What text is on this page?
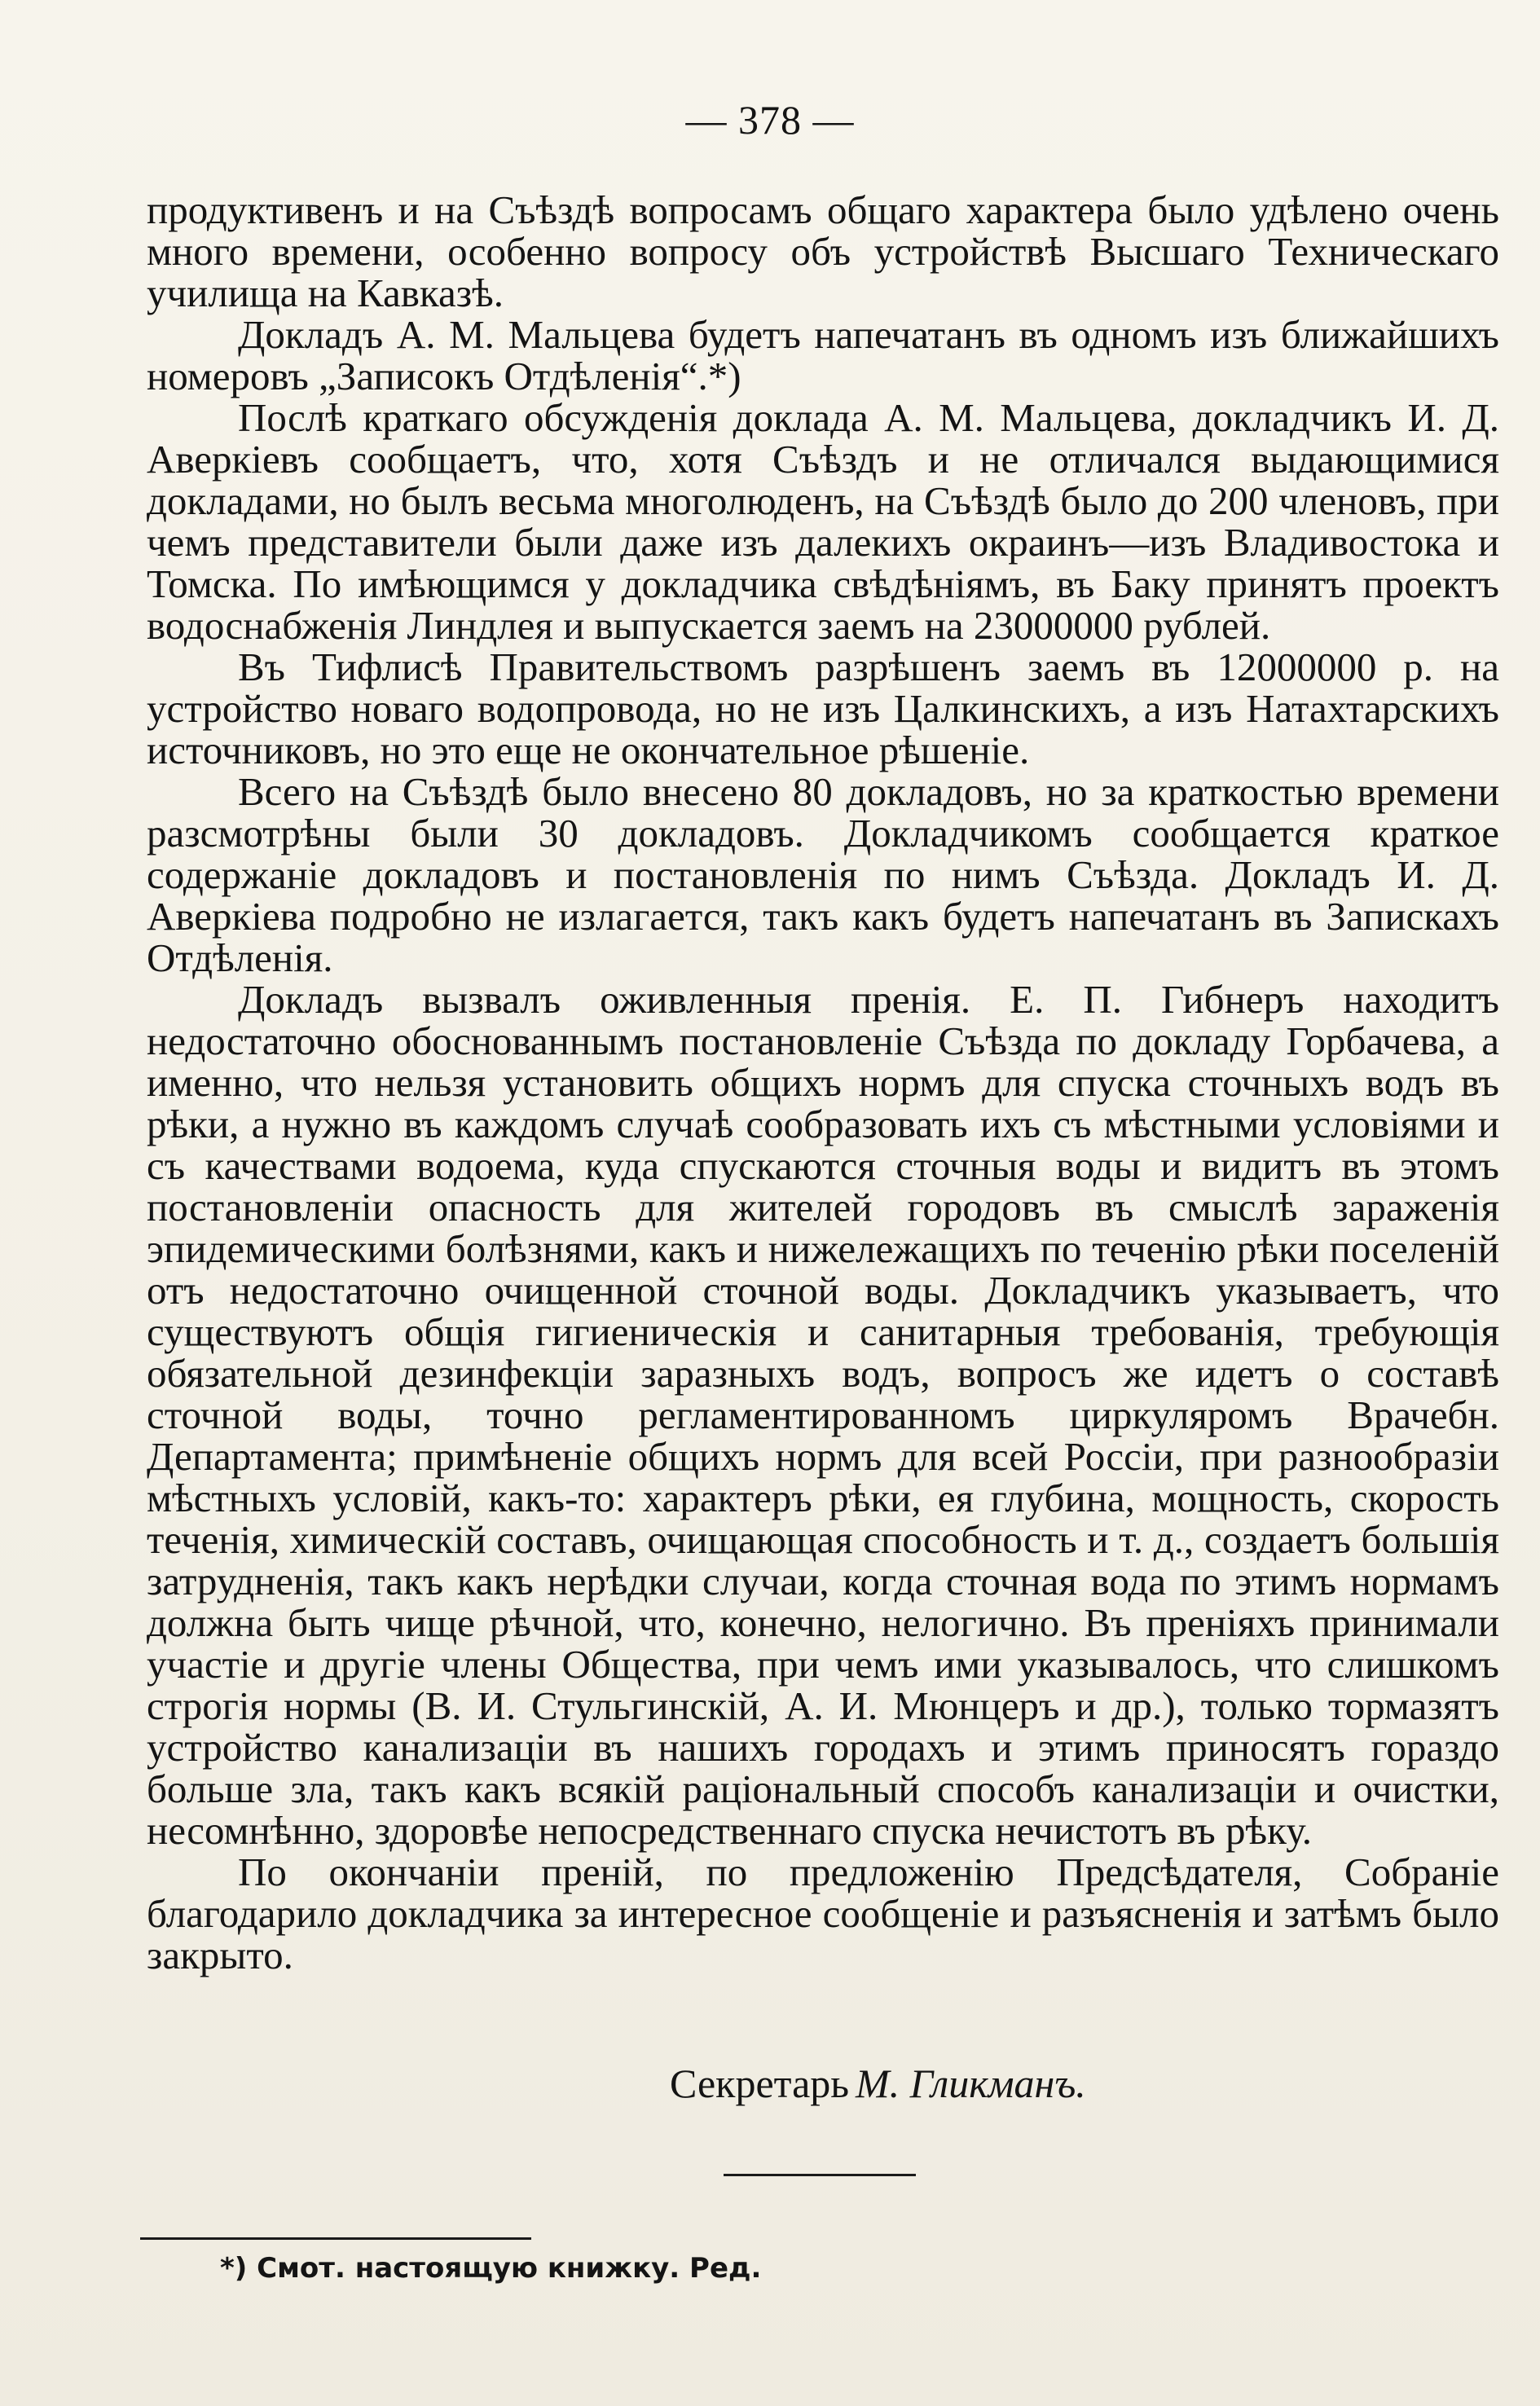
— 378 —

продуктивенъ и на Съѣздѣ вопросамъ общаго характера было удѣлено очень много времени, особенно вопросу объ устройствѣ Высшаго Техническаго училища на Кавказѣ.

Докладъ А. М. Мальцева будетъ напечатанъ въ одномъ изъ ближайшихъ номеровъ „Записокъ Отдѣленія“.*)

Послѣ краткаго обсужденія доклада А. М. Мальцева, докладчикъ И. Д. Аверкіевъ сообщаетъ, что, хотя Съѣздъ и не отличался выдающимися докладами, но былъ весьма многолюденъ, на Съѣздѣ было до 200 членовъ, при чемъ представители были даже изъ далекихъ окраинъ—изъ Владивостока и Томска. По имѣющимся у докладчика свѣдѣніямъ, въ Баку принятъ проектъ водоснабженія Линдлея и выпускается заемъ на 23000000 рублей.

Въ Тифлисѣ Правительствомъ разрѣшенъ заемъ въ 12000000 р. на устройство новаго водопровода, но не изъ Цалкинскихъ, а изъ Натахтарскихъ источниковъ, но это еще не окончательное рѣшеніе.

Всего на Съѣздѣ было внесено 80 докладовъ, но за краткостью времени разсмотрѣны были 30 докладовъ. Докладчикомъ сообщается краткое содержаніе докладовъ и постановленія по нимъ Съѣзда. Докладъ И. Д. Аверкіева подробно не излагается, такъ какъ будетъ напечатанъ въ Запискахъ Отдѣленія.

Докладъ вызвалъ оживленныя пренія. Е. П. Гибнеръ находитъ недостаточно обоснованнымъ постановленіе Съѣзда по докладу Горбачева, а именно, что нельзя установить общихъ нормъ для спуска сточныхъ водъ въ рѣки, а нужно въ каждомъ случаѣ сообразовать ихъ съ мѣстными условіями и съ качествами водоема, куда спускаются сточныя воды и видитъ въ этомъ постановленіи опасность для жителей городовъ въ смыслѣ зараженія эпидемическими болѣзнями, какъ и нижележащихъ по теченію рѣки поселеній отъ недостаточно очищенной сточной воды. Докладчикъ указываетъ, что существуютъ общія гигиеническія и санитарныя требованія, требующія обязательной дезинфекціи заразныхъ водъ, вопросъ же идетъ о составѣ сточной воды, точно регламентированномъ циркуляромъ Врачебн. Департамента; примѣненіе общихъ нормъ для всей Россіи, при разнообразіи мѣстныхъ условій, какъ-то: характеръ рѣки, ея глубина, мощность, скорость теченія, химическій составъ, очищающая способность и т. д., создаетъ большія затрудненія, такъ какъ нерѣдки случаи, когда сточная вода по этимъ нормамъ должна быть чище рѣчной, что, конечно, нелогично. Въ преніяхъ принимали участіе и другіе члены Общества, при чемъ ими указывалось, что слишкомъ строгія нормы (В. И. Стульгинскій, А. И. Мюнцеръ и др.), только тормазятъ устройство канализаціи въ нашихъ городахъ и этимъ приносятъ гораздо больше зла, такъ какъ всякій раціональный способъ канализаціи и очистки, несомнѣнно, здоровѣе непосредственнаго спуска нечистотъ въ рѣку.

По окончаніи преній, по предложенію Предсѣдателя, Собраніе благодарило докладчика за интересное сообщеніе и разъясненія и затѣмъ было закрыто.

Секретарь М. Гликманъ.
*) Смот. настоящую книжку. Ред.
